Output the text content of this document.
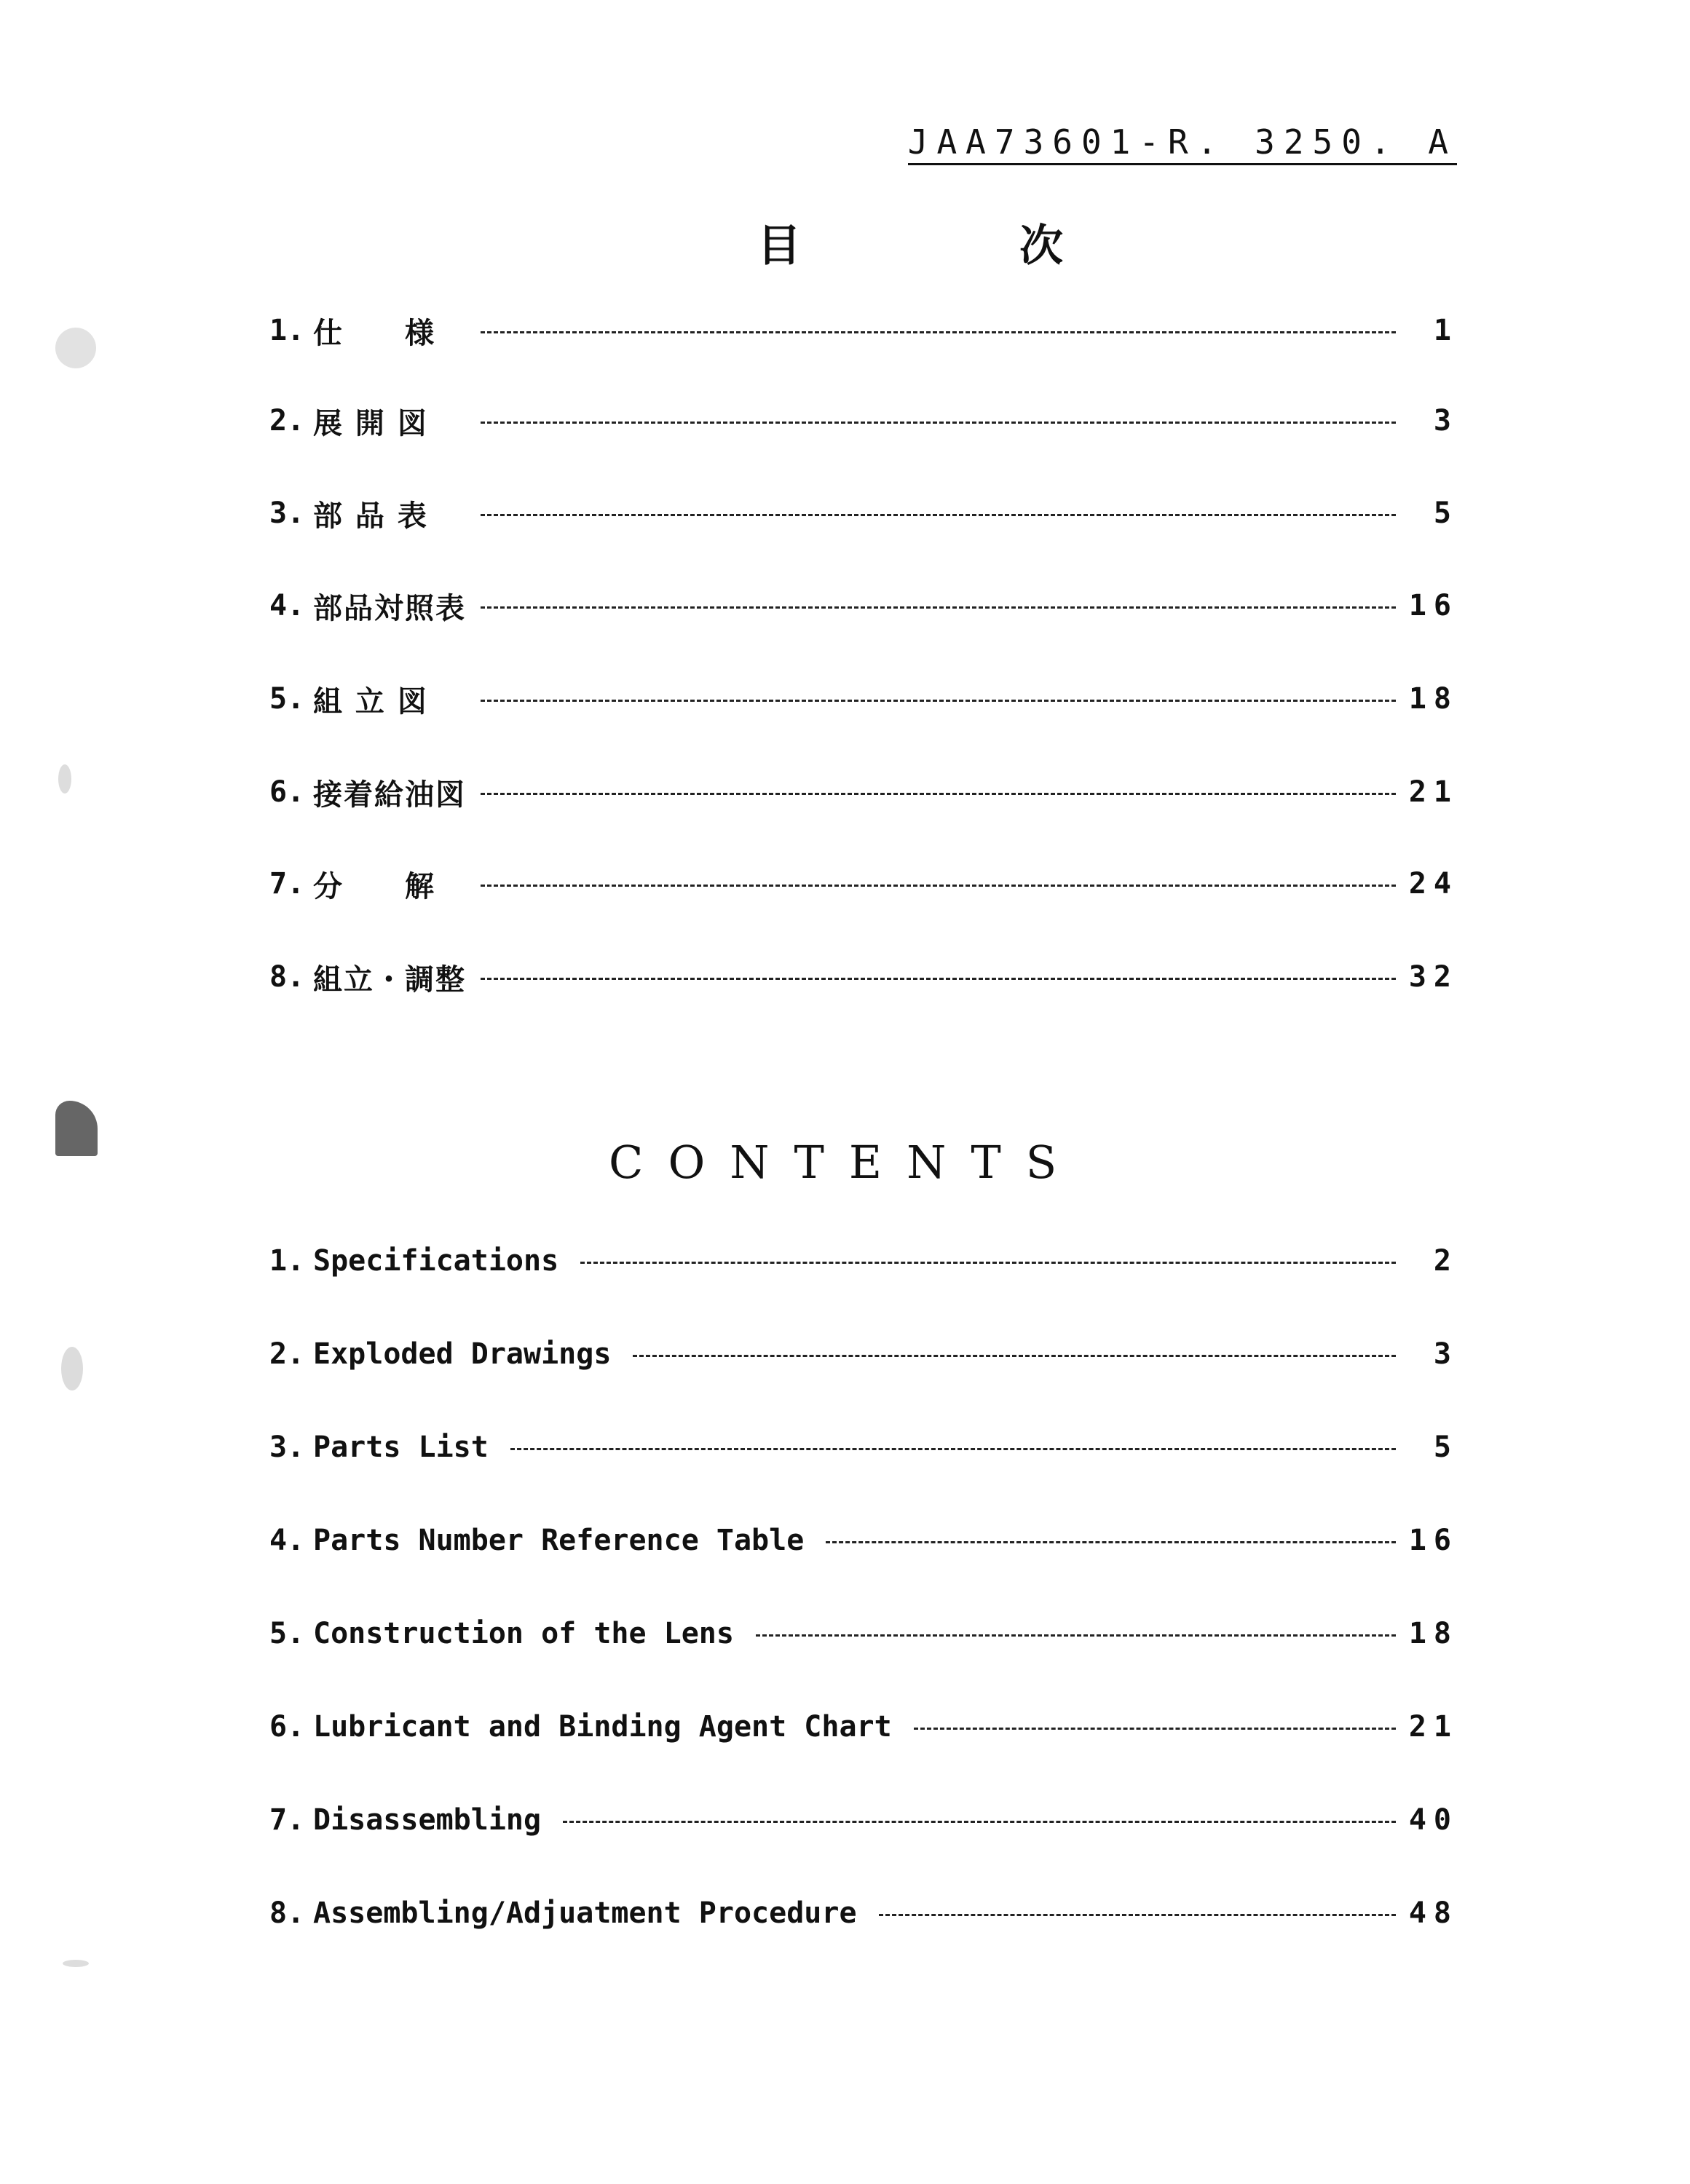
JAA73601-R. 3250. A
目　次
1. 仕　　様	1
2. 展 開 図	3
3. 部 品 表	5
4. 部品対照表	16
5. 組 立 図	18
6. 接着給油図	21
7. 分　　解	24
8. 組立・調整	32
CONTENTS
1. Specifications	2
2. Exploded Drawings	3
3. Parts List	5
4. Parts Number Reference Table	16
5. Construction of the Lens	18
6. Lubricant and Binding Agent Chart	21
7. Disassembling	40
8. Assembling/Adjuatment Procedure	48
